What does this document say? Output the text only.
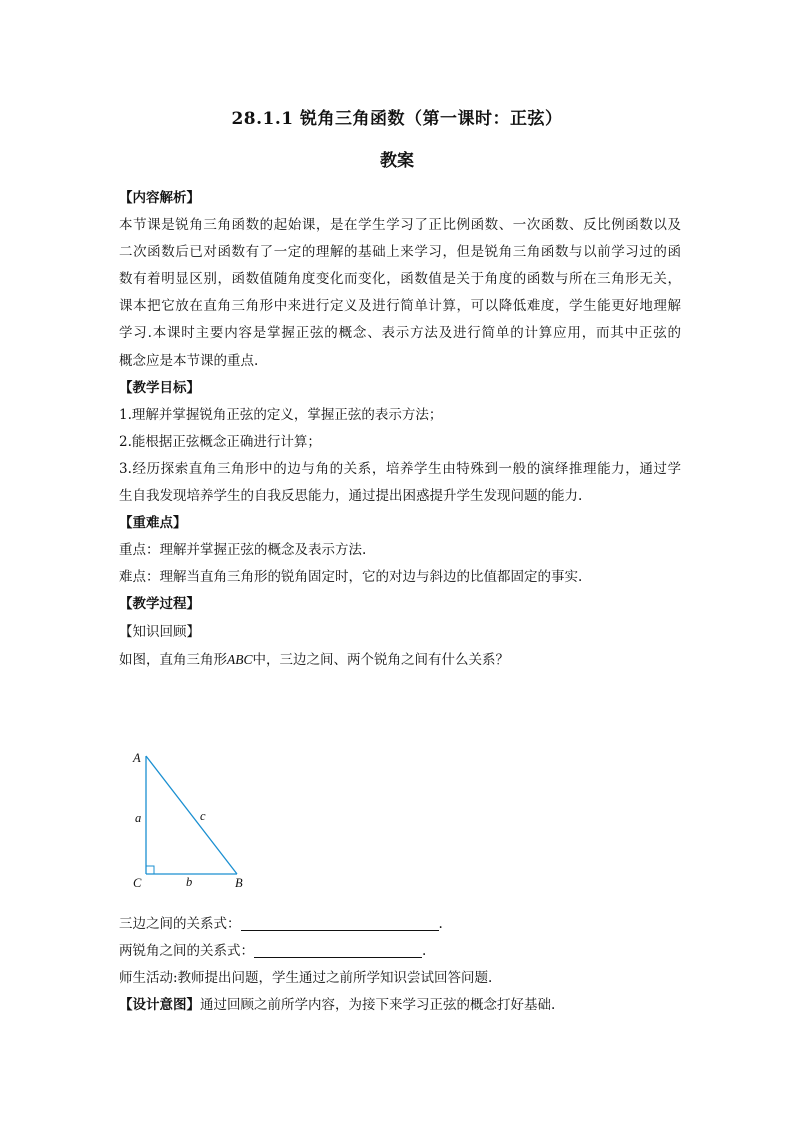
28.1.1 锐角三角函数（第一课时：正弦）
教案
【内容解析】
本节课是锐角三角函数的起始课，是在学生学习了正比例函数、一次函数、反比例函数以及
二次函数后已对函数有了一定的理解的基础上来学习，但是锐角三角函数与以前学习过的函
数有着明显区别，函数值随角度变化而变化，函数值是关于角度的函数与所在三角形无关，
课本把它放在直角三角形中来进行定义及进行简单计算，可以降低难度，学生能更好地理解
学习.本课时主要内容是掌握正弦的概念、表示方法及进行简单的计算应用，而其中正弦的
概念应是本节课的重点.
【教学目标】
1.理解并掌握锐角正弦的定义，掌握正弦的表示方法；
2.能根据正弦概念正确进行计算；
3.经历探索直角三角形中的边与角的关系，培养学生由特殊到一般的演绎推理能力，通过学
生自我发现培养学生的自我反思能力，通过提出困惑提升学生发现问题的能力.
【重难点】
重点：理解并掌握正弦的概念及表示方法.
难点：理解当直角三角形的锐角固定时，它的对边与斜边的比值都固定的事实.
【教学过程】
【知识回顾】
如图，直角三角形ABC中，三边之间、两个锐角之间有什么关系？
A
B
C
a
b
c
三边之间的关系式：	.
两锐角之间的关系式：	.
师生活动:教师提出问题，学生通过之前所学知识尝试回答问题.
【设计意图】通过回顾之前所学内容，为接下来学习正弦的概念打好基础.
